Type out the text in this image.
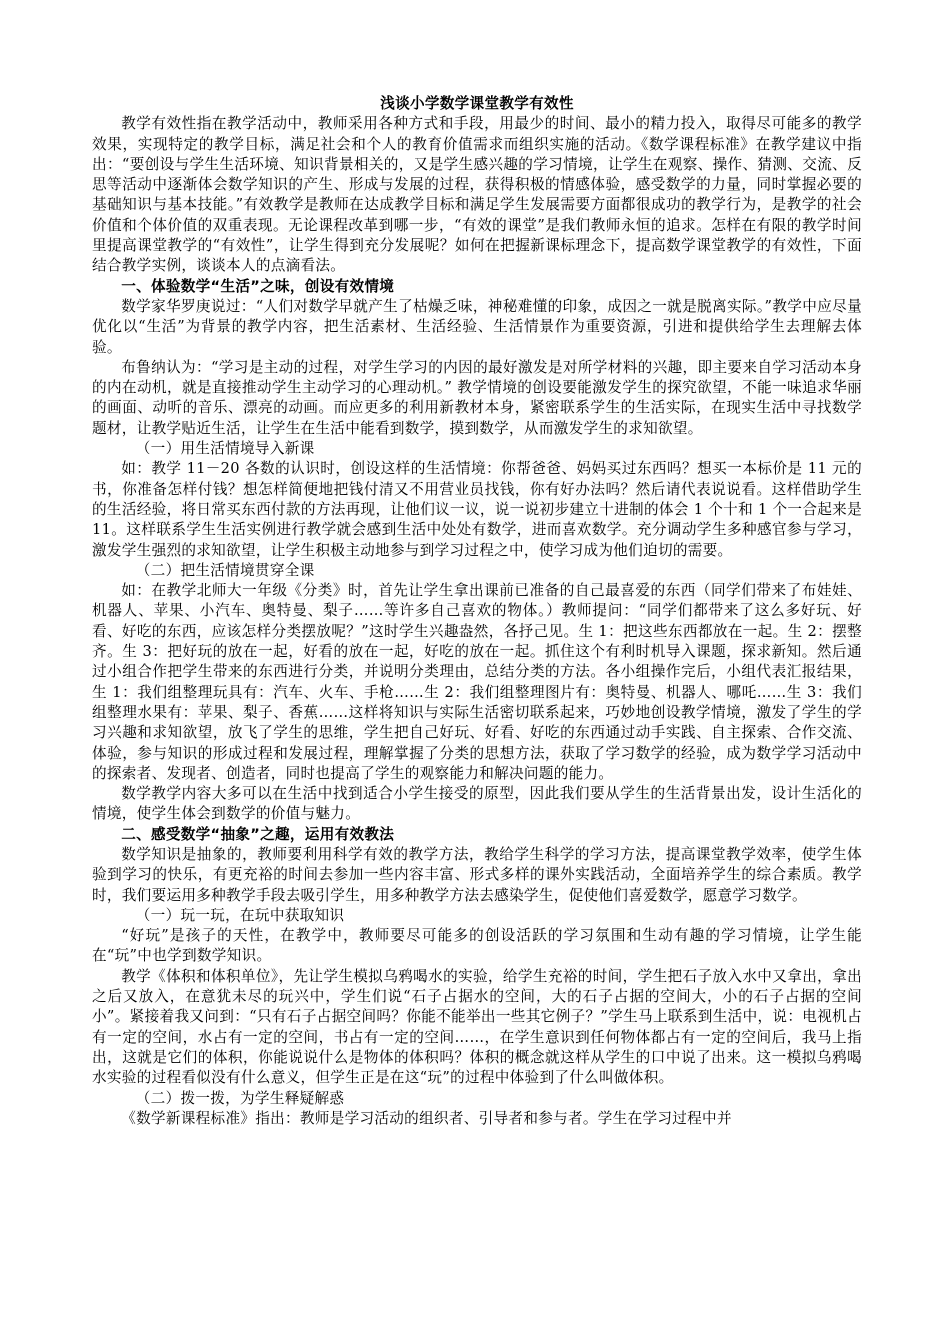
浅谈小学数学课堂教学有效性

教学有效性指在教学活动中，教师采用各种方式和手段，用最少的时间、最小的精力投入，取得尽可能多的教学效果，实现特定的教学目标，满足社会和个人的教育价值需求而组织实施的活动。《数学课程标准》在教学建议中指出：“要创设与学生生活环境、知识背景相关的，又是学生感兴趣的学习情境，让学生在观察、操作、猜测、交流、反思等活动中逐渐体会数学知识的产生、形成与发展的过程，获得积极的情感体验，感受数学的力量，同时掌握必要的基础知识与基本技能。”有效教学是教师在达成教学目标和满足学生发展需要方面都很成功的教学行为，是教学的社会价值和个体价值的双重表现。无论课程改革到哪一步，“有效的课堂”是我们教师永恒的追求。怎样在有限的教学时间里提高课堂教学的“有效性”，让学生得到充分发展呢？如何在把握新课标理念下，提高数学课堂教学的有效性，下面结合教学实例，谈谈本人的点滴看法。

一、体验数学“生活”之味，创设有效情境

数学家华罗庚说过：“人们对数学早就产生了枯燥乏味，神秘难懂的印象，成因之一就是脱离实际。”教学中应尽量优化以“生活”为背景的教学内容，把生活素材、生活经验、生活情景作为重要资源，引进和提供给学生去理解去体验。

布鲁纳认为：“学习是主动的过程，对学生学习的内因的最好激发是对所学材料的兴趣，即主要来自学习活动本身的内在动机，就是直接推动学生主动学习的心理动机。” 教学情境的创设要能激发学生的探究欲望，不能一味追求华丽的画面、动听的音乐、漂亮的动画。而应更多的利用新教材本身，紧密联系学生的生活实际，在现实生活中寻找数学题材，让教学贴近生活，让学生在生活中能看到数学，摸到数学，从而激发学生的求知欲望。

（一）用生活情境导入新课

如：教学 11－20 各数的认识时，创设这样的生活情境：你帮爸爸、妈妈买过东西吗？想买一本标价是 11 元的书，你准备怎样付钱？想怎样简便地把钱付清又不用营业员找钱，你有好办法吗？然后请代表说说看。这样借助学生的生活经验，将日常买东西付款的方法再现，让他们议一议，说一说初步建立十进制的体会 1 个十和 1 个一合起来是 11。这样联系学生生活实例进行教学就会感到生活中处处有数学，进而喜欢数学。充分调动学生多种感官参与学习，激发学生强烈的求知欲望，让学生积极主动地参与到学习过程之中，使学习成为他们迫切的需要。

（二）把生活情境贯穿全课

如：在教学北师大一年级《分类》时，首先让学生拿出课前已准备的自己最喜爱的东西（同学们带来了布娃娃、机器人、苹果、小汽车、奥特曼、梨子……等许多自己喜欢的物体。）教师提问：“同学们都带来了这么多好玩、好看、好吃的东西，应该怎样分类摆放呢？”这时学生兴趣盎然，各抒己见。生 1：把这些东西都放在一起。生 2：摆整齐。生 3：把好玩的放在一起，好看的放在一起，好吃的放在一起。抓住这个有利时机导入课题，探求新知。然后通过小组合作把学生带来的东西进行分类，并说明分类理由，总结分类的方法。各小组操作完后，小组代表汇报结果，生 1：我们组整理玩具有：汽车、火车、手枪……生 2：我们组整理图片有：奥特曼、机器人、哪吒……生 3：我们组整理水果有：苹果、梨子、香蕉……这样将知识与实际生活密切联系起来，巧妙地创设教学情境，激发了学生的学习兴趣和求知欲望，放飞了学生的思维，学生把自己好玩、好看、好吃的东西通过动手实践、自主探索、合作交流、体验，参与知识的形成过程和发展过程，理解掌握了分类的思想方法，获取了学习数学的经验，成为数学学习活动中的探索者、发现者、创造者，同时也提高了学生的观察能力和解决问题的能力。

数学教学内容大多可以在生活中找到适合小学生接受的原型，因此我们要从学生的生活背景出发，设计生活化的情境，使学生体会到数学的价值与魅力。

二、感受数学“抽象”之趣，运用有效教法

数学知识是抽象的，教师要利用科学有效的教学方法，教给学生科学的学习方法，提高课堂教学效率，使学生体验到学习的快乐，有更充裕的时间去参加一些内容丰富、形式多样的课外实践活动，全面培养学生的综合素质。教学时，我们要运用多种教学手段去吸引学生，用多种教学方法去感染学生，促使他们喜爱数学，愿意学习数学。

（一）玩一玩，在玩中获取知识

“好玩”是孩子的天性，在教学中，教师要尽可能多的创设活跃的学习氛围和生动有趣的学习情境，让学生能在“玩”中也学到数学知识。

教学《体积和体积单位》，先让学生模拟乌鸦喝水的实验，给学生充裕的时间，学生把石子放入水中又拿出，拿出之后又放入，在意犹未尽的玩兴中，学生们说“石子占据水的空间，大的石子占据的空间大，小的石子占据的空间小”。紧接着我又问到：“只有石子占据空间吗？你能不能举出一些其它例子？”学生马上联系到生活中，说：电视机占有一定的空间，水占有一定的空间，书占有一定的空间……，在学生意识到任何物体都占有一定的空间后，我马上指出，这就是它们的体积，你能说说什么是物体的体积吗？体积的概念就这样从学生的口中说了出来。这一模拟乌鸦喝水实验的过程看似没有什么意义，但学生正是在这“玩”的过程中体验到了什么叫做体积。

（二）拨一拨，为学生释疑解惑

《数学新课程标准》指出：教师是学习活动的组织者、引导者和参与者。学生在学习过程中并
